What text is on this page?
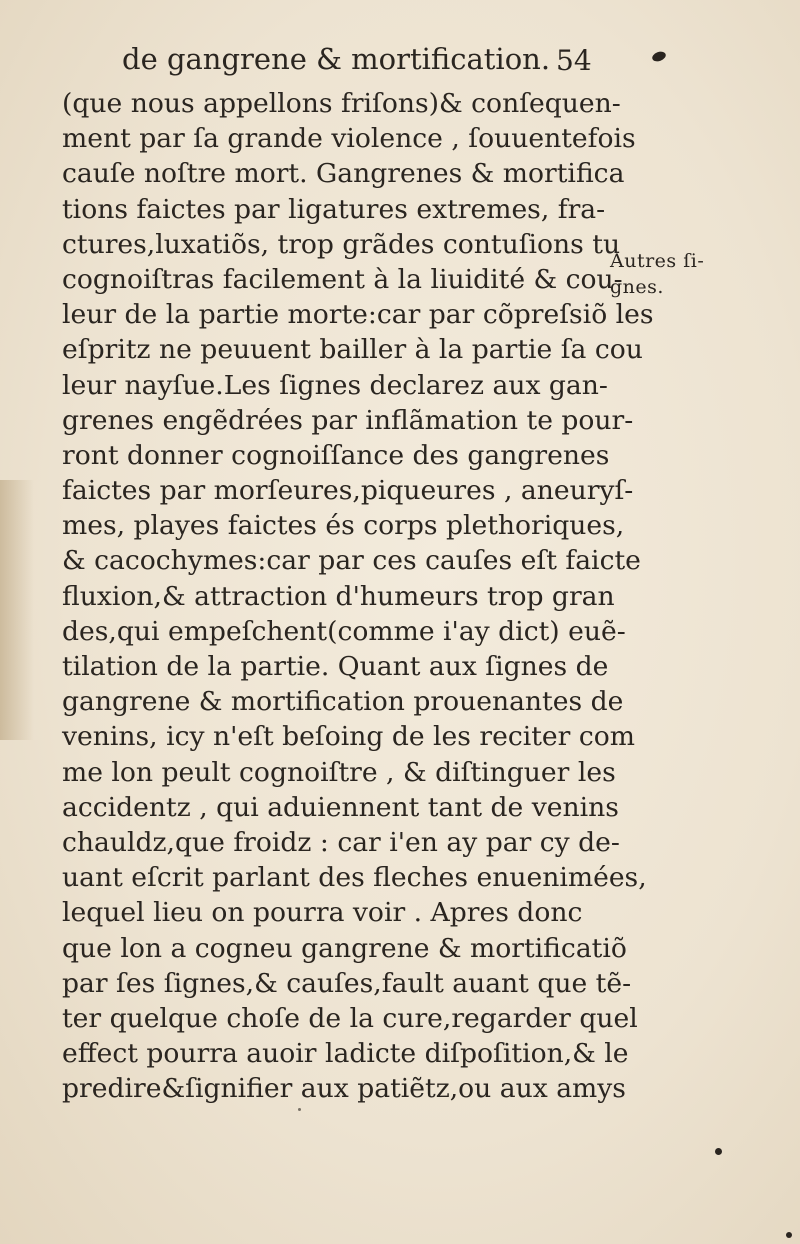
de gangrene & mortification. 54
(que nous appellons friſons)& conſequen-
ment par ſa grande violence , ſouuentefois
cauſe noſtre mort. Gangrenes & mortifica
tions faictes par ligatures extremes, fra-
ctures,luxatiõs, trop grãdes contuſions tu
cognoiſtras facilement à la liuidité & cou-
leur de la partie morte:car par cõpreſsiõ les
eſpritz ne peuuent bailler à la partie ſa cou
leur nayſue.Les ſignes declarez aux gan-
grenes engẽdrées par inflãmation te pour-
ront donner cognoiſſance des gangrenes
faictes par morſeures,piqueures , aneuryſ-
mes, playes faictes és corps plethoriques,
& cacochymes:car par ces cauſes eſt faicte
fluxion,& attraction d'humeurs trop gran
des,qui empeſchent(comme i'ay dict) euẽ-
tilation de la partie. Quant aux ſignes de
gangrene & mortification prouenantes de
venins, icy n'eſt beſoing de les reciter com
me lon peult cognoiſtre , & diſtinguer les
accidentz , qui aduiennent tant de venins
chauldz,que froidz : car i'en ay par cy de-
uant eſcrit parlant des fleches enuenimées,
lequel lieu on pourra voir . Apres donc
que lon a cogneu gangrene & mortificatiõ
par ſes ſignes,& cauſes,fault auant que tẽ-
ter quelque choſe de la cure,regarder quel
effect pourra auoir ladicte diſpoſition,& le
predire&ſignifier aux patiẽtz,ou aux amys
Autres ſi-
gnes.
